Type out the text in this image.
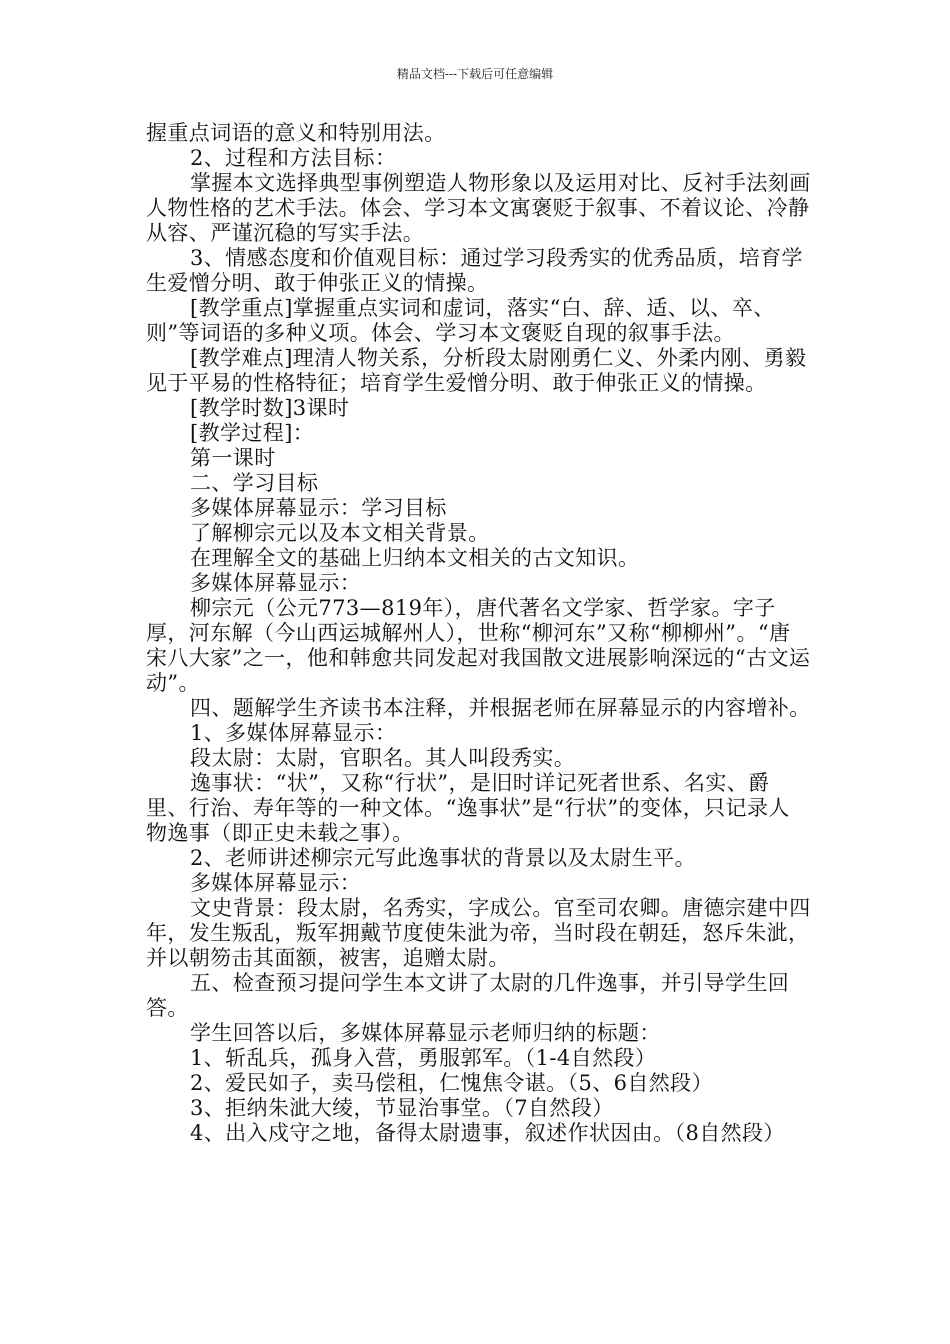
精品文档---下载后可任意编辑

握重点词语的意义和特别用法。

2、过程和方法目标：

掌握本文选择典型事例塑造人物形象以及运用对比、反衬手法刻画人物性格的艺术手法。体会、学习本文寓褒贬于叙事、不着议论、冷静从容、严谨沉稳的写实手法。

3、情感态度和价值观目标：通过学习段秀实的优秀品质，培育学生爱憎分明、敢于伸张正义的情操。

[教学重点]掌握重点实词和虚词，落实“白、辞、适、以、卒、则”等词语的多种义项。体会、学习本文褒贬自现的叙事手法。

[教学难点]理清人物关系，分析段太尉刚勇仁义、外柔内刚、勇毅见于平易的性格特征；培育学生爱憎分明、敢于伸张正义的情操。

[教学时数]3课时

[教学过程]：

第一课时

二、学习目标

多媒体屏幕显示：学习目标

了解柳宗元以及本文相关背景。

在理解全文的基础上归纳本文相关的古文知识。

多媒体屏幕显示：

柳宗元（公元773—819年），唐代著名文学家、哲学家。字子厚，河东解（今山西运城解州人），世称“柳河东”又称“柳柳州”。“唐宋八大家”之一，他和韩愈共同发起对我国散文进展影响深远的“古文运动”。

四、题解学生齐读书本注释，并根据老师在屏幕显示的内容增补。

1、多媒体屏幕显示：

段太尉：太尉，官职名。其人叫段秀实。

逸事状：“状”，又称“行状”，是旧时详记死者世系、名实、爵里、行治、寿年等的一种文体。“逸事状”是“行状”的变体，只记录人物逸事（即正史未载之事）。

2、老师讲述柳宗元写此逸事状的背景以及太尉生平。

多媒体屏幕显示：

文史背景：段太尉，名秀实，字成公。官至司农卿。唐德宗建中四年，发生叛乱，叛军拥戴节度使朱泚为帝，当时段在朝廷，怒斥朱泚，并以朝笏击其面额，被害，追赠太尉。

五、检查预习提问学生本文讲了太尉的几件逸事，并引导学生回答。

学生回答以后，多媒体屏幕显示老师归纳的标题：

1、斩乱兵，孤身入营，勇服郭军。（1-4自然段）

2、爱民如子，卖马偿租，仁愧焦令谌。（5、6自然段）

3、拒纳朱泚大绫，节显治事堂。（7自然段）

4、出入戍守之地，备得太尉遗事，叙述作状因由。（8自然段）
